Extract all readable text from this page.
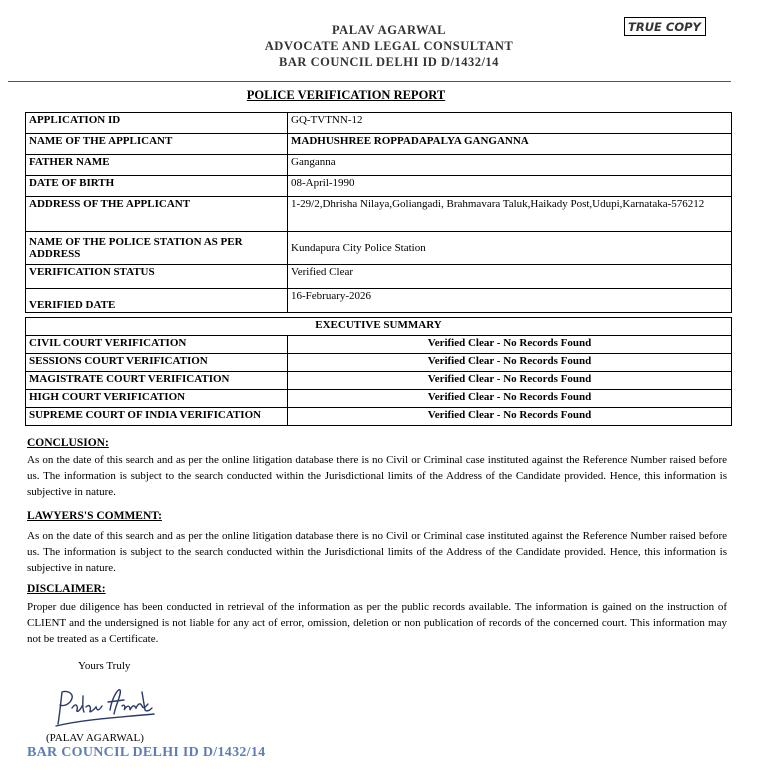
PALAV AGARWAL
ADVOCATE AND LEGAL CONSULTANT
BAR COUNCIL DELHI ID D/1432/14
TRUE COPY
POLICE VERIFICATION REPORT
APPLICATION ID	GQ-TVTNN-12
NAME OF THE APPLICANT	MADHUSHREE ROPPADAPALYA GANGANNA
FATHER NAME	Ganganna
DATE OF BIRTH	08-April-1990
ADDRESS OF THE APPLICANT	1-29/2,Dhrisha Nilaya,Goliangadi, Brahmavara Taluk,Haikady Post,Udupi,Karnataka-576212
NAME OF THE POLICE STATION AS PER ADDRESS	Kundapura City Police Station
VERIFICATION STATUS	Verified Clear
VERIFIED DATE	16-February-2026
EXECUTIVE SUMMARY	
CIVIL COURT VERIFICATION	Verified Clear - No Records Found
SESSIONS COURT VERIFICATION	Verified Clear - No Records Found
MAGISTRATE COURT VERIFICATION	Verified Clear - No Records Found
HIGH COURT VERIFICATION	Verified Clear - No Records Found
SUPREME COURT OF INDIA VERIFICATION	Verified Clear - No Records Found
CONCLUSION:
As on the date of this search and as per the online litigation database there is no Civil or Criminal case instituted against the Reference Number raised before us. The information is subject to the search conducted within the Jurisdictional limits of the Address of the Candidate provided. Hence, this information is subjective in nature.
LAWYERS'S COMMENT:
As on the date of this search and as per the online litigation database there is no Civil or Criminal case instituted against the Reference Number raised before us. The information is subject to the search conducted within the Jurisdictional limits of the Address of the Candidate provided. Hence, this information is subjective in nature.
DISCLAIMER:
Proper due diligence has been conducted in retrieval of the information as per the public records available. The information is gained on the instruction of CLIENT and the undersigned is not liable for any act of error, omission, deletion or non publication of records of the concerned court. This information may not be treated as a Certificate.
Yours Truly
(PALAV AGARWAL)
BAR COUNCIL DELHI ID D/1432/14
